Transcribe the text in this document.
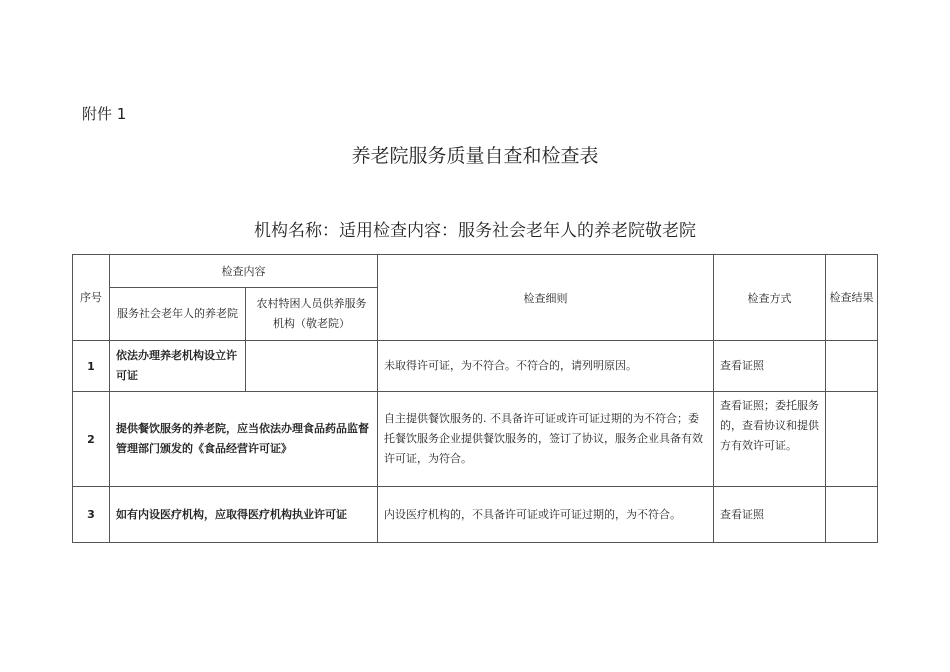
附件 1
养老院服务质量自查和检查表
机构名称：适用检查内容：服务社会老年人的养老院敬老院
序号	检查内容		检查细则	检查方式	检查结果
	服务社会老年人的养老院	农村特困人员供养服务机构（敬老院）			
1	依法办理养老机构设立许可证		未取得许可证，为不符合。不符合的，请列明原因。	查看证照	
2	提供餐饮服务的养老院，应当依法办理食品药品监督管理部门颁发的《食品经营许可证》		自主提供餐饮服务的. 不具备许可证或许可证过期的为不符合；委托餐饮服务企业提供餐饮服务的，签订了协议，服务企业具备有效许可证，为符合。	查看证照；委托服务的，查看协议和提供方有效许可证。	
3	如有内设医疗机构，应取得医疗机构执业许可证		内设医疗机构的，不具备许可证或许可证过期的，为不符合。	查看证照	
